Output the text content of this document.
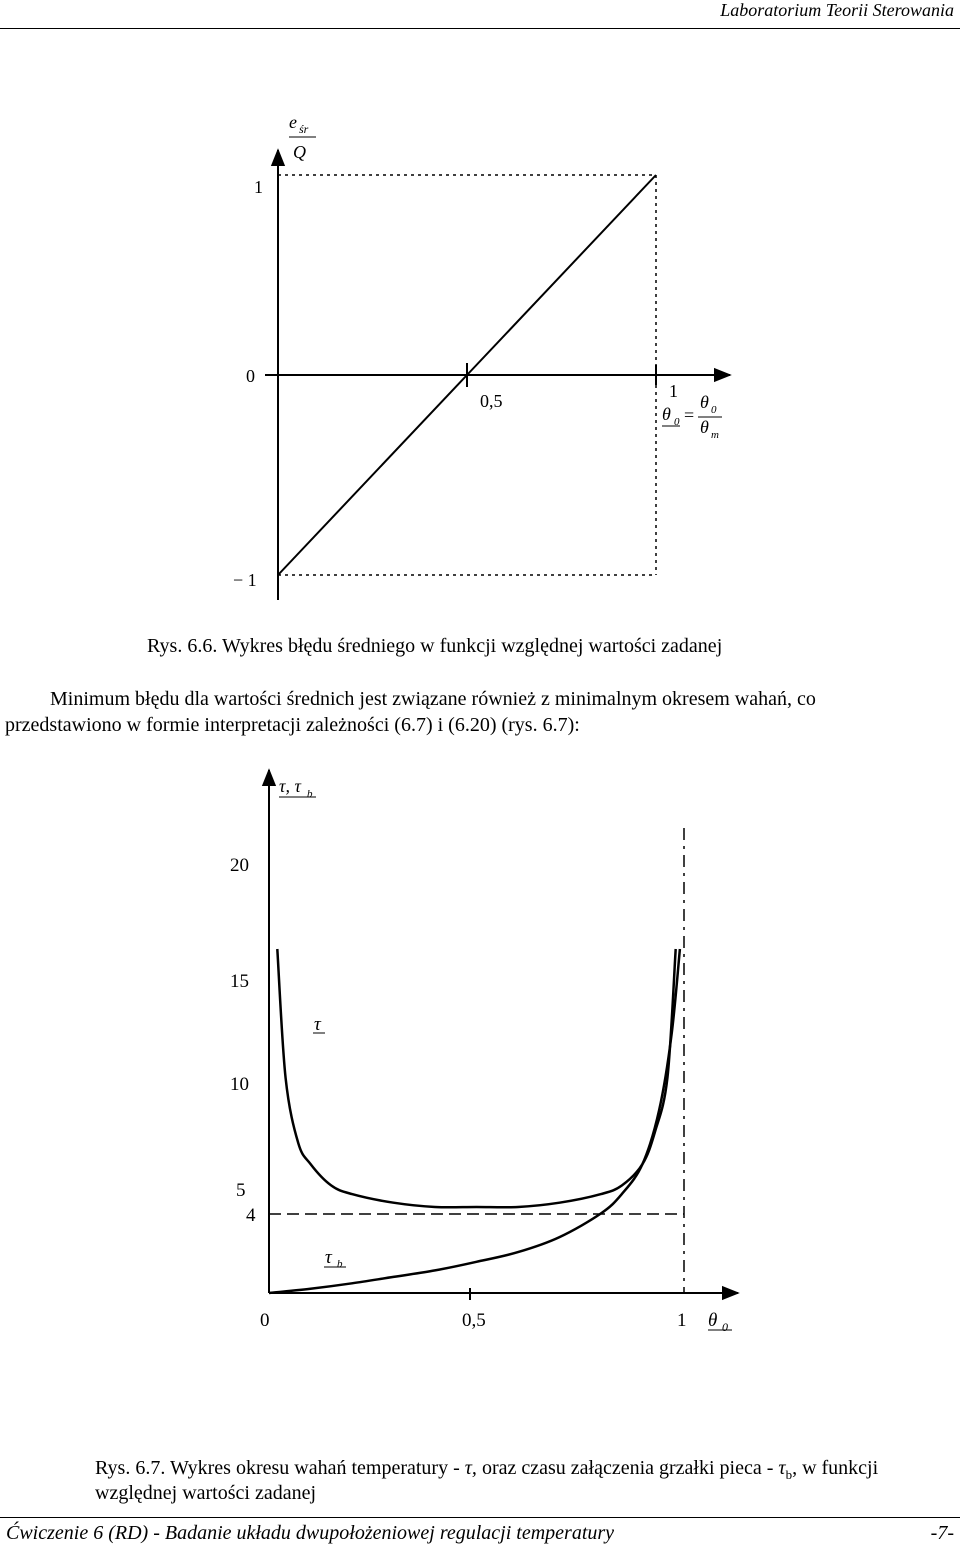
Laboratorium Teorii Sterowania
e śr
Q
1
0
− 1
0,5	1
θ 0 =
θ 0
θ m
Rys. 6.6. Wykres błędu średniego w funkcji względnej wartości zadanej
Minimum błędu dla wartości średnich jest związane również z minimalnym okresem wahań, co
przedstawiono w formie interpretacji zależności (6.7) i (6.20) (rys. 6.7):
τ, τ b
20
15
10
5
4
0	0,5	1 θ 0
τ
τ b
Rys. 6.7. Wykres okresu wahań temperatury - τ, oraz czasu załączenia grzałki pieca - $\tau_b$, w funkcji
względnej wartości zadanej
Ćwiczenie 6 (RD) - Badanie układu dwupołożeniowej regulacji temperatury	-7-
